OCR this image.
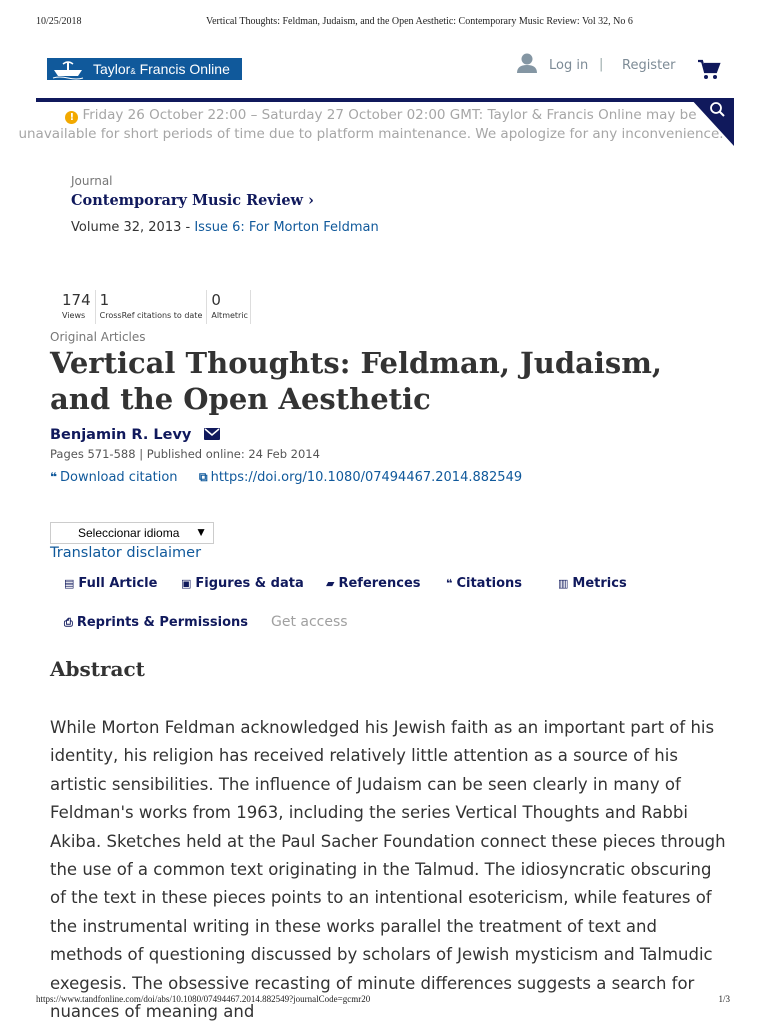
10/25/2018	Vertical Thoughts: Feldman, Judaism, and the Open Aesthetic: Contemporary Music Review: Vol 32, No 6
Taylor& Francis Online	Log in | Register
! Friday 26 October 22:00 – Saturday 27 October 02:00 GMT: Taylor & Francis Online may be
unavailable for short periods of time due to platform maintenance. We apologize for any inconvenience.
Journal
Contemporary Music Review ›
Volume 32, 2013 - Issue 6: For Morton Feldman
174
Views
1
CrossRef citations to date
0
Altmetric
Original Articles
Vertical Thoughts: Feldman, Judaism, and the Open Aesthetic
Benjamin R. Levy
Pages 571-588 | Published online: 24 Feb 2014
❝ Download citation ⧉ https://doi.org/10.1080/07494467.2014.882549
Seleccionar idioma ▼
Translator disclaimer
▤ Full Article ▣ Figures & data ▰ References ❝ Citations	▥ Metrics
⎙ Reprints & Permissions Get access
Abstract

While Morton Feldman acknowledged his Jewish faith as an important part of his identity, his religion has received relatively little attention as a source of his artistic sensibilities. The influence of Judaism can be seen clearly in many of Feldman's works from 1963, including the series Vertical Thoughts and Rabbi Akiba. Sketches held at the Paul Sacher Foundation connect these pieces through the use of a common text originating in the Talmud. The idiosyncratic obscuring of the text in these pieces points to an intentional esotericism, while features of the instrumental writing in these works parallel the treatment of text and methods of questioning discussed by scholars of Jewish mysticism and Talmudic exegesis. The obsessive recasting of minute differences suggests a search for nuances of meaning and

https://www.tandfonline.com/doi/abs/10.1080/07494467.2014.882549?journalCode=gcmr20	1/3
